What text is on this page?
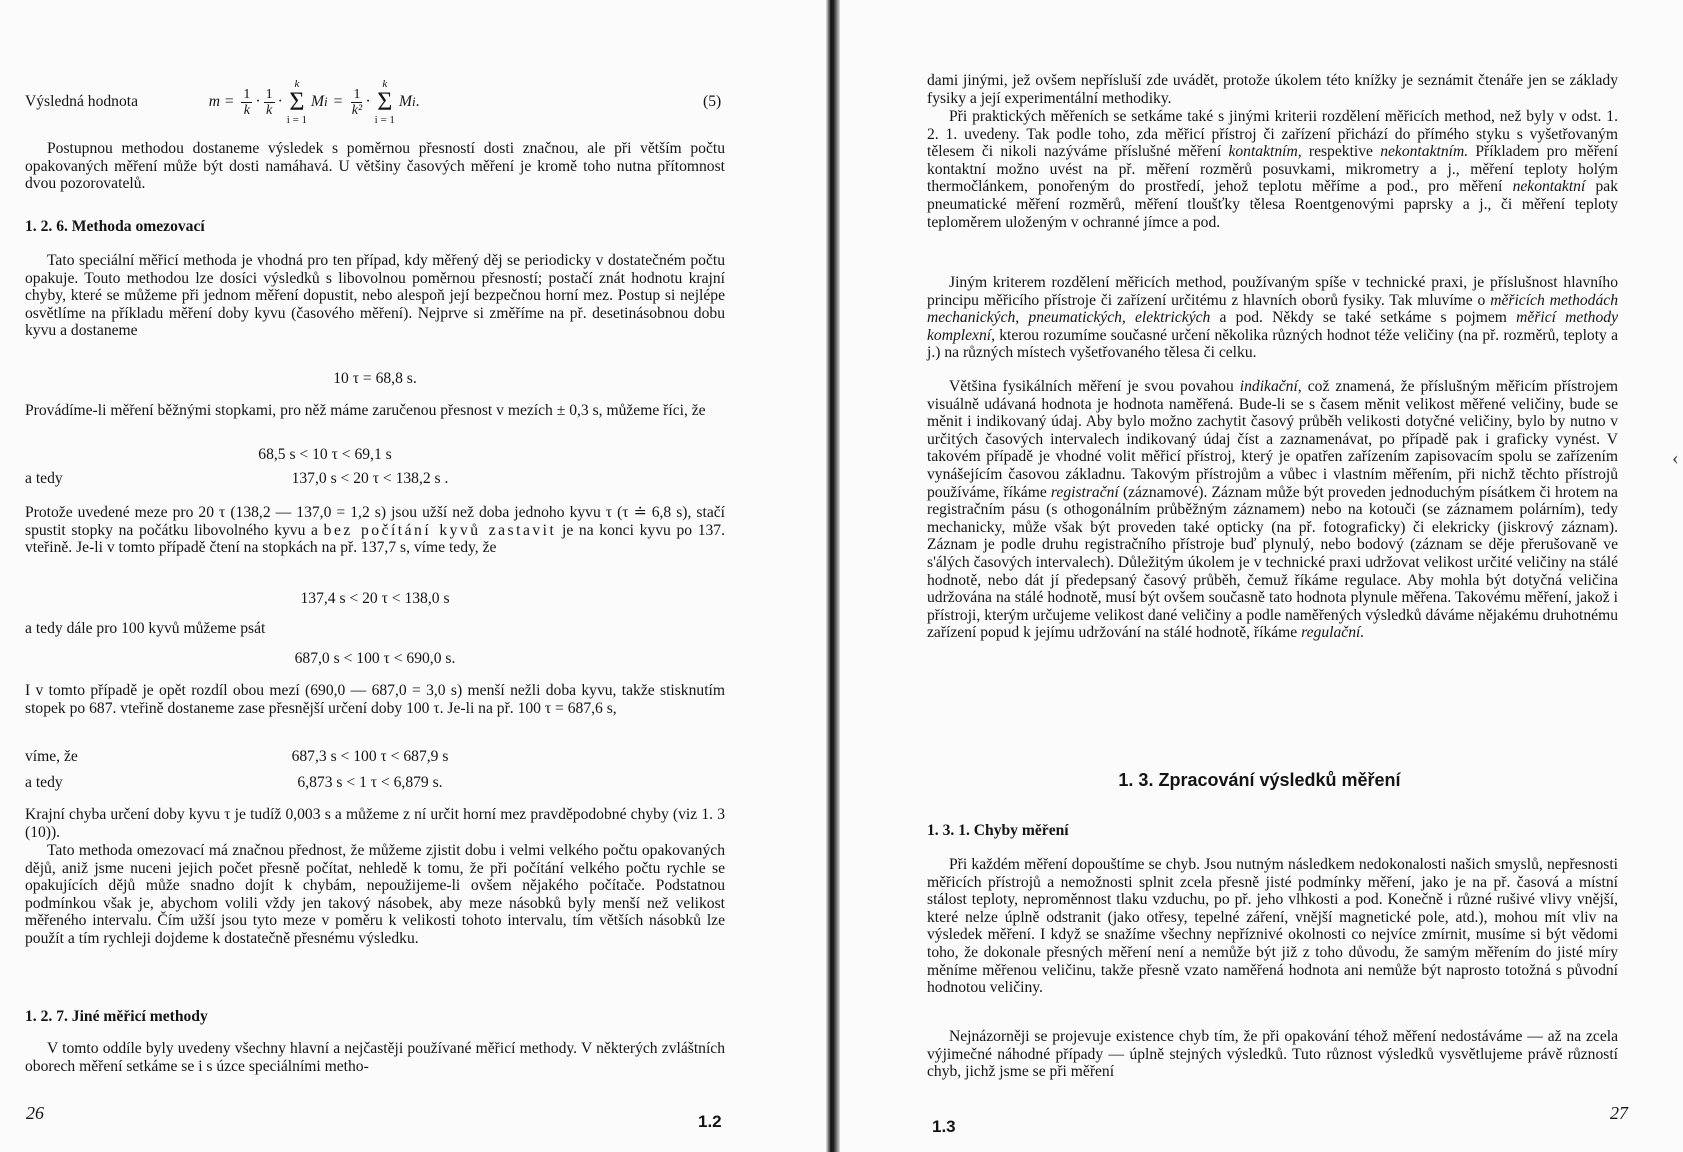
Výsledná hodnota	$m = \frac{1}{k} \cdot \frac{1}{k}$ ·
k
Σ
i = 1
M $i = \frac{1}{\text{k²}}$ ·
k
Σ
i = 1
M i .	(5)

Postupnou methodou dostaneme výsledek s poměrnou přesností dosti značnou, ale při větším počtu opakovaných měření může být dosti namáhavá. U většiny časových měření je kromě toho nutna přítomnost dvou pozorovatelů.

1. 2. 6. Methoda omezovací

Tato speciální měřicí methoda je vhodná pro ten případ, kdy měřený děj se periodicky v dostatečném počtu opakuje. Touto methodou lze dosíci výsledků s libovolnou poměrnou přesností; postačí znát hodnotu krajní chyby, které se můžeme při jednom měření dopustit, nebo alespoň její bezpečnou horní mez. Postup si nejlépe osvětlíme na příkladu měření doby kyvu (časového měření). Nejprve si změříme na př. desetinásobnou dobu kyvu a dostaneme

10 τ = 68,8 s.

Provádíme-li měření běžnými stopkami, pro něž máme zaručenou přesnost v mezích ± 0,3 s, můžeme říci, že

68,5 s < 10 τ < 69,1 s
a tedy	137,0 s < 20 τ < 138,2 s .

Protože uvedené meze pro 20 τ (138,2 — 137,0 = 1,2 s) jsou užší než doba jednoho kyvu τ (τ ≐ 6,8 s), stačí spustit stopky na počátku libovolného kyvu a bez počítání kyvů zastavit je na konci kyvu po 137. vteřině. Je-li v tomto případě čtení na stopkách na př. 137,7 s, víme tedy, že

137,4 s < 20 τ < 138,0 s

a tedy dále pro 100 kyvů můžeme psát

687,0 s < 100 τ < 690,0 s.

I v tomto případě je opět rozdíl obou mezí (690,0 — 687,0 = 3,0 s) menší nežli doba kyvu, takže stisknutím stopek po 687. vteřině dostaneme zase přesnější určení doby 100 τ. Je-li na př. 100 τ = 687,6 s,

víme, že	687,3 s < 100 τ < 687,9 s
a tedy	6,873 s < 1 τ < 6,879 s.

Krajní chyba určení doby kyvu τ je tudíž 0,003 s a můžeme z ní určit horní mez pravděpodobné chyby (viz 1. 3 (10)).

Tato methoda omezovací má značnou přednost, že můžeme zjistit dobu i velmi velkého počtu opakovaných dějů, aniž jsme nuceni jejich počet přesně počítat, nehledě k tomu, že při počítání velkého počtu rychle se opakujících dějů může snadno dojít k chybám, nepoužijeme-li ovšem nějakého počítače. Podstatnou podmínkou však je, abychom volili vždy jen takový násobek, aby meze násobků byly menší než velikost měřeného intervalu. Čím užší jsou tyto meze v poměru k velikosti tohoto intervalu, tím větších násobků lze použít a tím rychleji dojdeme k dostatečně přesnému výsledku.

1. 2. 7. Jiné měřicí methody

V tomto oddíle byly uvedeny všechny hlavní a nejčastěji používané měřicí methody. V některých zvláštních oborech měření setkáme se i s úzce speciálními metho-

26	1.2

dami jinými, jež ovšem nepřísluší zde uvádět, protože úkolem této knížky je seznámit čtenáře jen se základy fysiky a její experimentální methodiky.

Při praktických měřeních se setkáme také s jinými kriterii rozdělení měřicích method, než byly v odst. 1. 2. 1. uvedeny. Tak podle toho, zda měřicí přístroj či zařízení přichází do přímého styku s vyšetřovaným tělesem či nikoli nazýváme příslušné měření kontaktním, respektive nekontaktním. Příkladem pro měření kontaktní možno uvést na př. měření rozměrů posuvkami, mikrometry a j., měření teploty holým thermočlánkem, ponořeným do prostředí, jehož teplotu měříme a pod., pro měření nekontaktní pak pneumatické měření rozměrů, měření tloušťky tělesa Roentgenovými paprsky a j., či měření teploty teploměrem uloženým v ochranné jímce a pod.

Jiným kriterem rozdělení měřicích method, používaným spíše v technické praxi, je příslušnost hlavního principu měřicího přístroje či zařízení určitému z hlavních oborů fysiky. Tak mluvíme o měřicích methodách mechanických, pneumatických, elektrických a pod. Někdy se také setkáme s pojmem měřicí methody komplexní, kterou rozumíme současné určení několika různých hodnot téže veličiny (na př. rozměrů, teploty a j.) na různých místech vyšetřovaného tělesa či celku.

Většina fysikálních měření je svou povahou indikační, což znamená, že příslušným měřicím přístrojem visuálně udávaná hodnota je hodnota naměřená. Bude-li se s časem měnit velikost měřené veličiny, bude se měnit i indikovaný údaj. Aby bylo možno zachytit časový průběh velikosti dotyčné veličiny, bylo by nutno v určitých časových intervalech indikovaný údaj číst a zaznamenávat, po případě pak i graficky vynést. V takovém případě je vhodné volit měřicí přístroj, který je opatřen zařízením zapisovacím spolu se zařízením vynášejícím časovou základnu. Takovým přístrojům a vůbec i vlastním měřením, při nichž těchto přístrojů používáme, říkáme registrační (záznamové). Záznam může být proveden jednoduchým písátkem či hrotem na registračním pásu (s othogonálním průběžným záznamem) nebo na kotouči (se záznamem polárním), tedy mechanicky, může však být proveden také opticky (na př. fotograficky) či elekricky (jiskrový záznam). Záznam je podle druhu registračního přístroje buď plynulý, nebo bodový (záznam se děje přerušovaně ve s'álých časových intervalech). Důležitým úkolem je v technické praxi udržovat velikost určité veličiny na stálé hodnotě, nebo dát jí předepsaný časový průběh, čemuž říkáme regulace. Aby mohla být dotyčná veličina udržována na stálé hodnotě, musí být ovšem současně tato hodnota plynule měřena. Takovému měření, jakož i přístroji, kterým určujeme velikost dané veličiny a podle naměřených výsledků dáváme nějakému druhotnému zařízení popud k jejímu udržování na stálé hodnotě, říkáme regulační.

1. 3. Zpracování výsledků měření
1. 3. 1. Chyby měření

Při každém měření dopouštíme se chyb. Jsou nutným následkem nedokonalosti našich smyslů, nepřesnosti měřicích přístrojů a nemožnosti splnit zcela přesně jisté podmínky měření, jako je na př. časová a místní stálost teploty, neproměnnost tlaku vzduchu, po př. jeho vlhkosti a pod. Konečně i různé rušivé vlivy vnější, které nelze úplně odstranit (jako otřesy, tepelné záření, vnější magnetické pole, atd.), mohou mít vliv na výsledek měření. I když se snažíme všechny nepříznivé okolnosti co nejvíce zmírnit, musíme si být vědomi toho, že dokonale přesných měření není a nemůže být již z toho důvodu, že samým měřením do jisté míry měníme měřenou veličinu, takže přesně vzato naměřená hodnota ani nemůže být naprosto totožná s původní hodnotou veličiny.

Nejnázorněji se projevuje existence chyb tím, že při opakování téhož měření nedostáváme — až na zcela výjimečné náhodné případy — úplně stejných výsledků. Tuto různost výsledků vysvětlujeme právě růzností chyb, jichž jsme se při měření

1.3
27
‹
